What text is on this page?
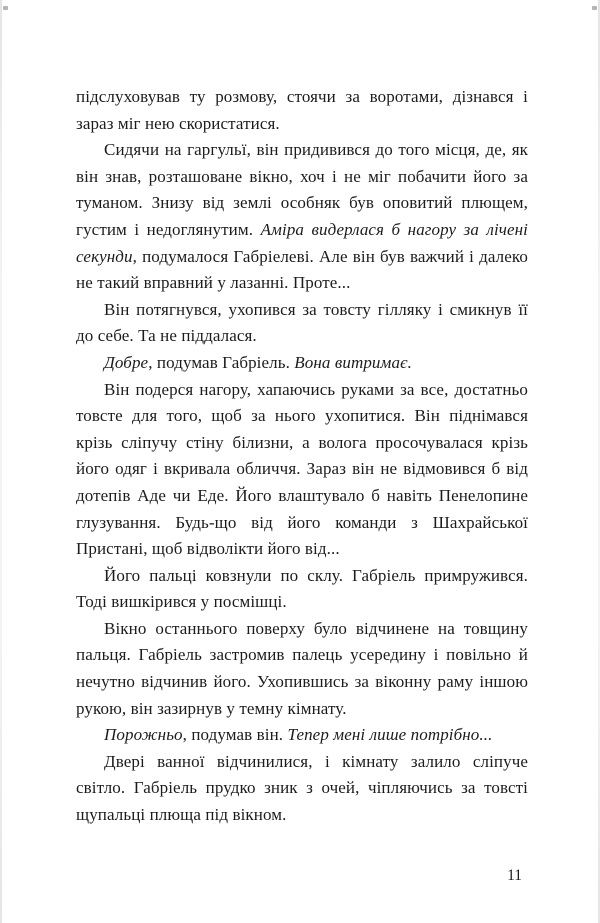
підслуховував ту розмову, стоячи за воротами, дізнався і зараз міг нею скористатися.

Сидячи на гаргульї, він придивився до того місця, де, як він знав, розташоване вікно, хоч і не міг побачити його за туманом. Знизу від землі особняк був оповитий плющем, густим і недоглянутим. Аміра видерлася б нагору за лічені секунди, подумалося Габріелеві. Але він був важчий і далеко не такий вправний у лазанні. Проте...

Він потягнувся, ухопився за товсту гілляку і смикнув її до себе. Та не піддалася.

Добре, подумав Габріель. Вона витримає.

Він подерся нагору, хапаючись руками за все, достатньо товсте для того, щоб за нього ухопитися. Він піднімався крізь сліпучу стіну білизни, а волога просочувалася крізь його одяг і вкривала обличчя. Зараз він не відмовився б від дотепів Аде чи Еде. Його влаштувало б навіть Пенелопине глузування. Будь-що від його команди з Шахрайської Пристані, щоб відволікти його від...

Його пальці ковзнули по склу. Габріель примружився. Тоді вишкірився у посмішці.

Вікно останнього поверху було відчинене на товщину пальця. Габріель застромив палець усередину і повільно й нечутно відчинив його. Ухопившись за віконну раму іншою рукою, він зазирнув у темну кімнату.

Порожньо, подумав він. Тепер мені лише потрібно...

Двері ванної відчинилися, і кімнату залило сліпуче світло. Габріель прудко зник з очей, чіпляючись за товсті щупальці плюща під вікном.

11
